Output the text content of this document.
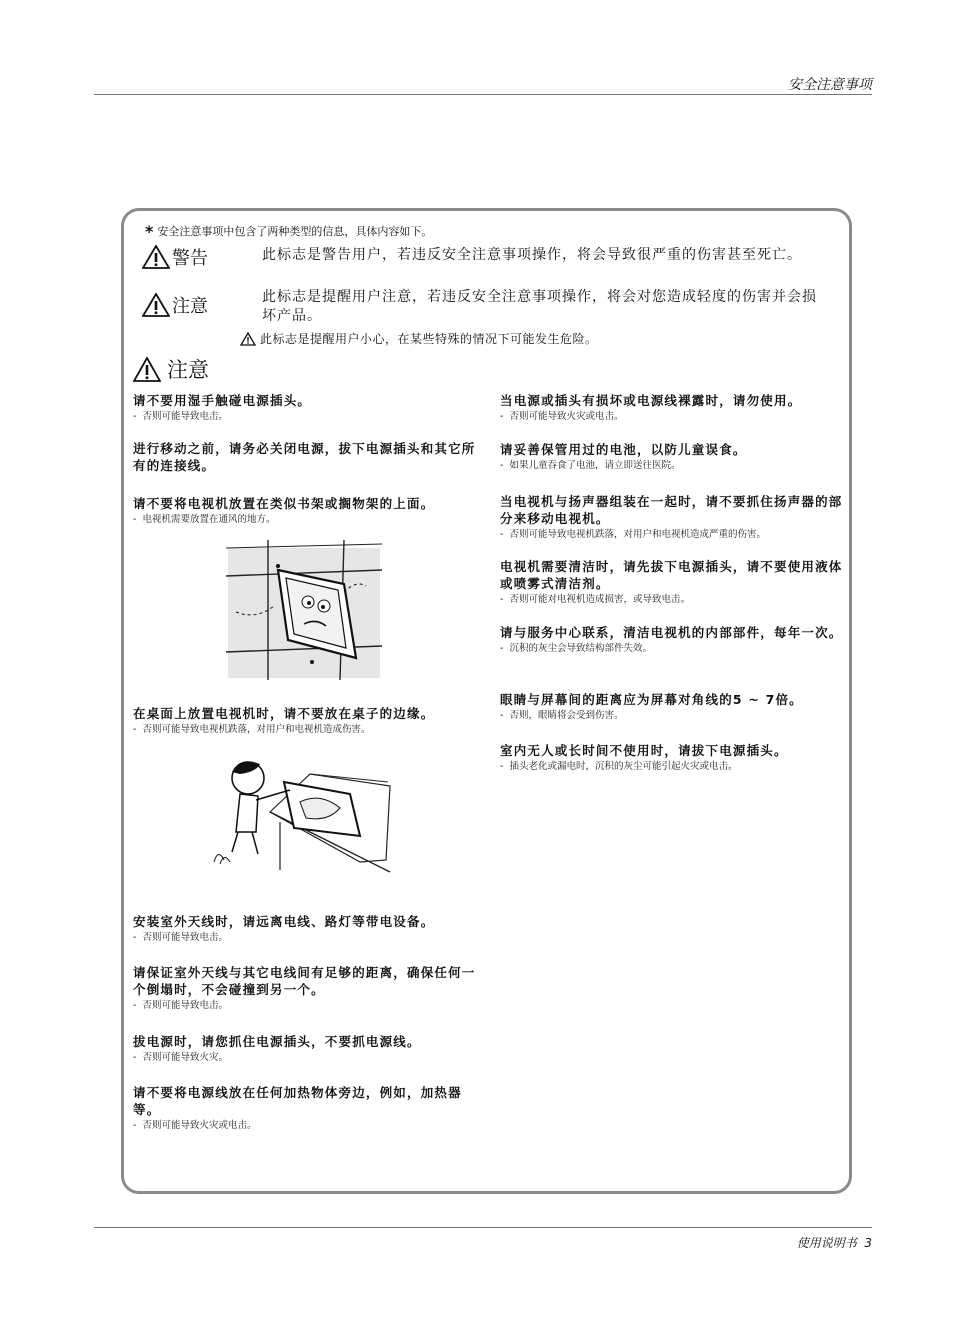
安全注意事项
* 安全注意事项中包含了两种类型的信息，具体内容如下。
警告	此标志是警告用户，若违反安全注意事项操作，将会导致很严重的伤害甚至死亡。
注意	此标志是提醒用户注意，若违反安全注意事项操作，将会对您造成轻度的伤害并会损坏产品。
此标志是提醒用户小心，在某些特殊的情况下可能发生危险。
注意
请不要用湿手触碰电源插头。
- 否则可能导致电击。
进行移动之前，请务必关闭电源，拔下电源插头和其它所有的连接线。
请不要将电视机放置在类似书架或搁物架的上面。
- 电视机需要放置在通风的地方。
在桌面上放置电视机时，请不要放在桌子的边缘。
- 否则可能导致电视机跌落，对用户和电视机造成伤害。
安装室外天线时，请远离电线、路灯等带电设备。
- 否则可能导致电击。
请保证室外天线与其它电线间有足够的距离，确保任何一个倒塌时，不会碰撞到另一个。
- 否则可能导致电击。
拔电源时，请您抓住电源插头，不要抓电源线。
- 否则可能导致火灾。
请不要将电源线放在任何加热物体旁边，例如，加热器等。
- 否则可能导致火灾或电击。
当电源或插头有损坏或电源线裸露时，请勿使用。
- 否则可能导致火灾或电击。
请妥善保管用过的电池，以防儿童误食。
- 如果儿童吞食了电池，请立即送往医院。
当电视机与扬声器组装在一起时，请不要抓住扬声器的部分来移动电视机。
- 否则可能导致电视机跌落，对用户和电视机造成严重的伤害。
电视机需要清洁时，请先拔下电源插头，请不要使用液体或喷雾式清洁剂。
- 否则可能对电视机造成损害，或导致电击。
请与服务中心联系，清洁电视机的内部部件，每年一次。
- 沉积的灰尘会导致结构部件失效。
眼睛与屏幕间的距离应为屏幕对角线的5 ~ 7倍。
- 否则，眼睛将会受到伤害。
室内无人或长时间不使用时，请拔下电源插头。
- 插头老化或漏电时，沉积的灰尘可能引起火灾或电击。
使用说明书 3
